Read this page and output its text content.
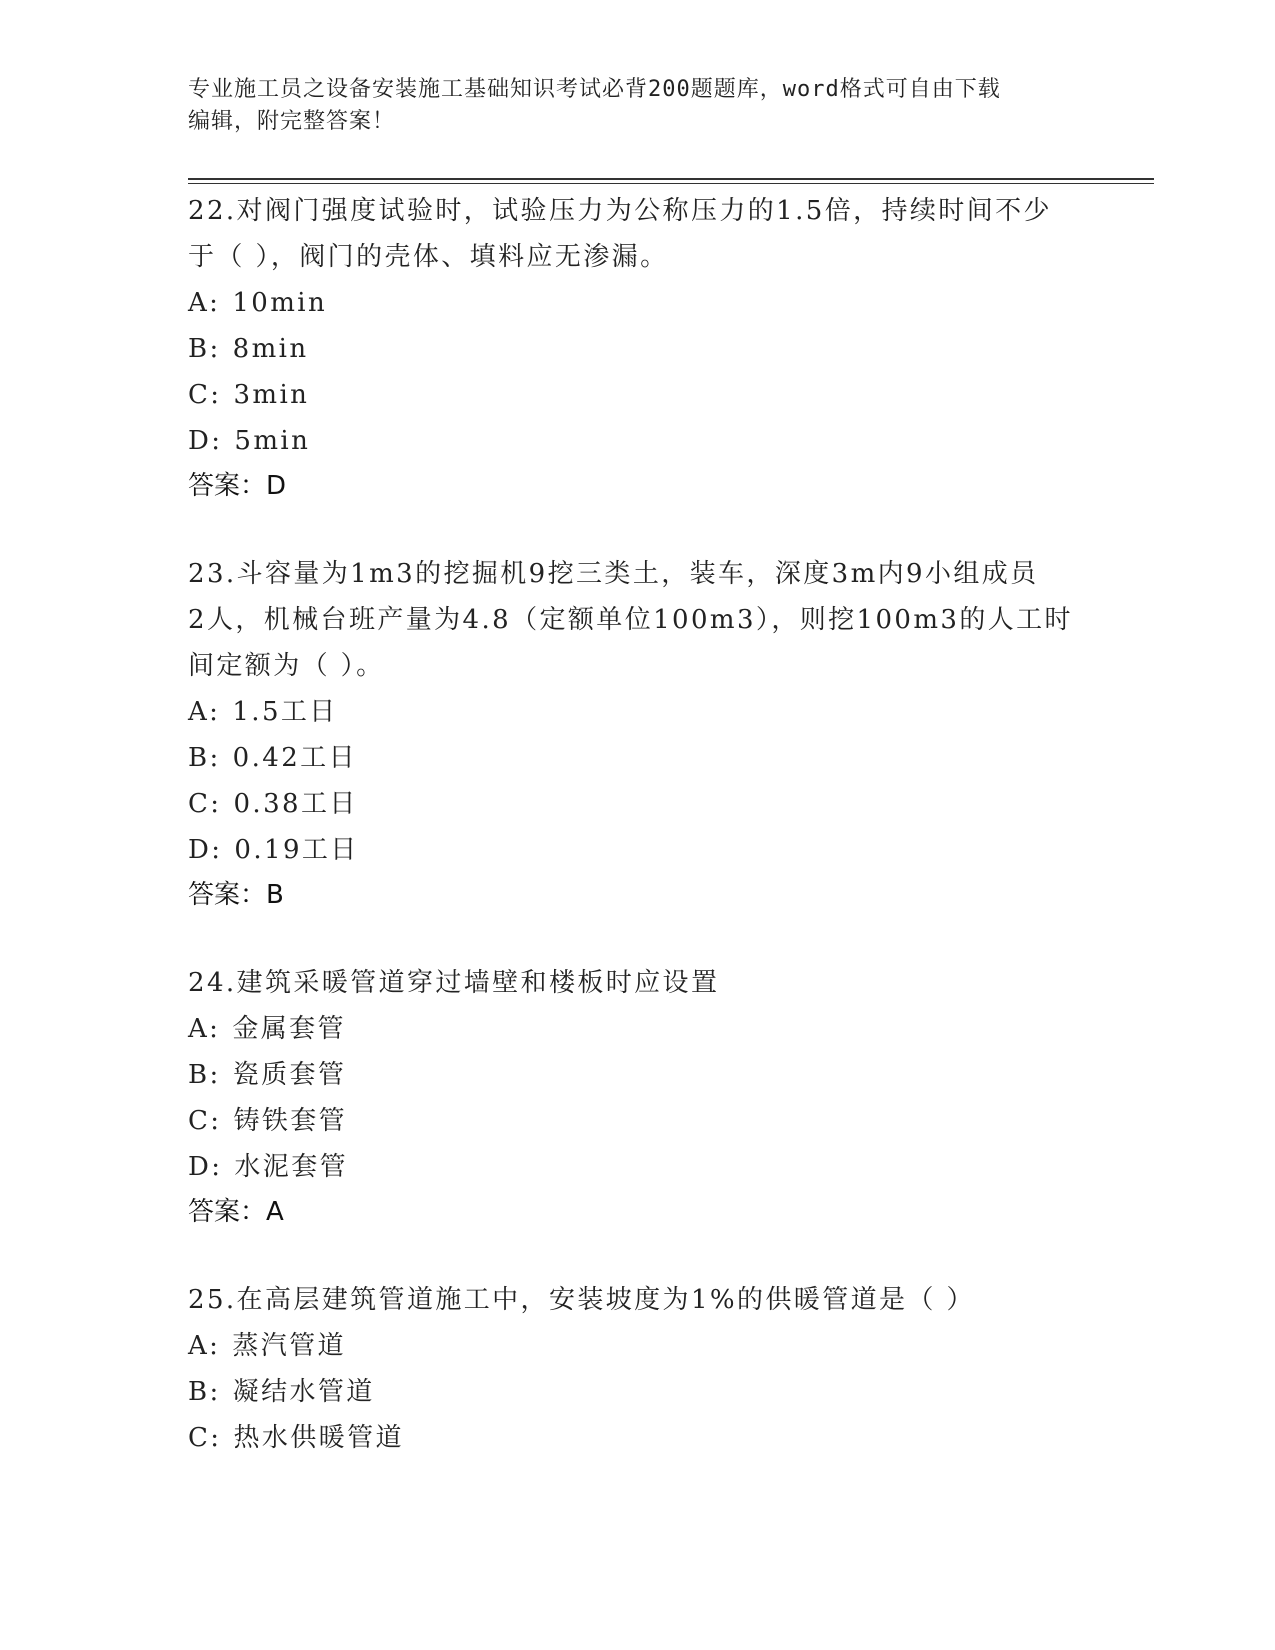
专业施工员之设备安装施工基础知识考试必背200题题库，word格式可自由下载
编辑，附完整答案！
22.对阀门强度试验时，试验压力为公称压力的1.5倍，持续时间不少
于（ ），阀门的壳体、填料应无渗漏。
A: 10min
B: 8min
C: 3min
D: 5min
答案：D
23.斗容量为1m3的挖掘机9挖三类土，装车，深度3m内9小组成员
2人，机械台班产量为4.8（定额单位100m3），则挖100m3的人工时
间定额为（ ）。
A: 1.5工日
B: 0.42工日
C: 0.38工日
D: 0.19工日
答案：B
24.建筑采暖管道穿过墙壁和楼板时应设置
A: 金属套管
B: 瓷质套管
C: 铸铁套管
D: 水泥套管
答案：A
25.在高层建筑管道施工中，安装坡度为1%的供暖管道是（ ）
A: 蒸汽管道
B: 凝结水管道
C: 热水供暖管道
